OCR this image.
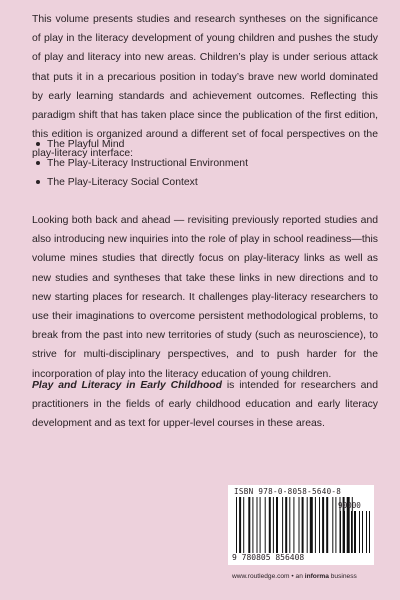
This volume presents studies and research syntheses on the significance of play in the literacy development of young children and pushes the study of play and literacy into new areas. Children’s play is under serious attack that puts it in a precarious position in today’s brave new world dominated by early learning standards and achievement outcomes. Reflecting this paradigm shift that has taken place since the publication of the first edition, this edition is organized around a different set of focal perspectives on the play-literacy interface:

The Playful Mind
The Play-Literacy Instructional Environment
The Play-Literacy Social Context

Looking both back and ahead — revisiting previously reported studies and also introducing new inquiries into the role of play in school readiness—this volume mines studies that directly focus on play-literacy links as well as new studies and syntheses that take these links in new directions and to new starting places for research. It challenges play-literacy researchers to use their imaginations to overcome persistent methodological problems, to break from the past into new territories of study (such as neuroscience), to strive for multi-disciplinary perspectives, and to push harder for the incorporation of play into the literacy education of young children.

Play and Literacy in Early Childhood is intended for researchers and practitioners in the fields of early childhood education and early literacy development and as text for upper-level courses in these areas.

ISBN 978-0-8058-5640-8
9 780805 856408
90000
www.routledge.com • an informa business
